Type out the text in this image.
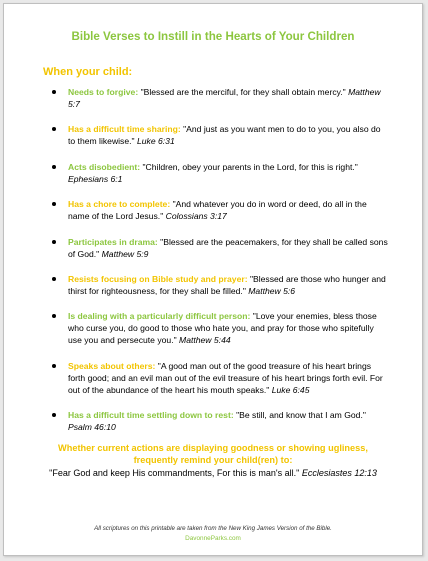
Bible Verses to Instill in the Hearts of Your Children

When your child:

Needs to forgive: "Blessed are the merciful, for they shall obtain mercy." Matthew 5:7
Has a difficult time sharing: "And just as you want men to do to you, you also do to them likewise." Luke 6:31
Acts disobedient: "Children, obey your parents in the Lord, for this is right." Ephesians 6:1
Has a chore to complete: "And whatever you do in word or deed, do all in the name of the Lord Jesus." Colossians 3:17
Participates in drama: "Blessed are the peacemakers, for they shall be called sons of God." Matthew 5:9
Resists focusing on Bible study and prayer: "Blessed are those who hunger and thirst for righteousness, for they shall be filled." Matthew 5:6
Is dealing with a particularly difficult person: "Love your enemies, bless those who curse you, do good to those who hate you, and pray for those who spitefully use you and persecute you." Matthew 5:44
Speaks about others: "A good man out of the good treasure of his heart brings forth good; and an evil man out of the evil treasure of his heart brings forth evil. For out of the abundance of the heart his mouth speaks." Luke 6:45
Has a difficult time settling down to rest: "Be still, and know that I am God." Psalm 46:10

Whether current actions are displaying goodness or showing ugliness,
frequently remind your child(ren) to:

"Fear God and keep His commandments, For this is man's all." Ecclesiastes 12:13

All scriptures on this printable are taken from the New King James Version of the Bible.

DavonneParks.com
